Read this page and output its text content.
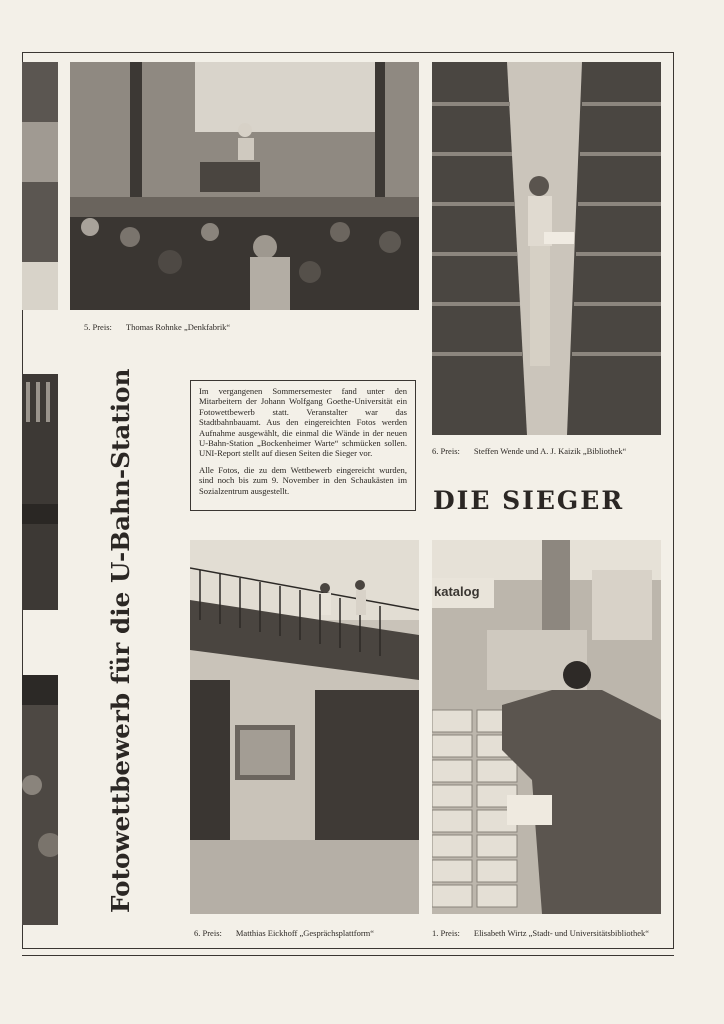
5. Preis: Thomas Rohnke „Denkfabrik“
6. Preis: Steffen Wende und A. J. Kaizik „Bibliothek“
Fotowettbewerb für die U-Bahn-Station	Im vergangenen Sommersemester fand unter den Mitarbeitern der Johann Wolfgang Goethe-Universität ein Fotowettbewerb statt. Veranstalter war das Stadtbahnbauamt. Aus den eingereichten Fotos werden Aufnahme ausgewählt, die einmal die Wände in der neuen U-Bahn-Station „Bockenheimer Warte“ schmücken sollen. UNI-Report stellt auf diesen Seiten die Sieger vor.

Alle Fotos, die zu dem Wettbewerb eingereicht wurden, sind noch bis zum 9. November in den Schaukästen im Sozialzentrum ausgestellt.	DIE SIEGER
6. Preis: Matthias Eickhoff „Gesprächsplattform“
katalog
1. Preis: Elisabeth Wirtz „Stadt- und Universitätsbibliothek“
